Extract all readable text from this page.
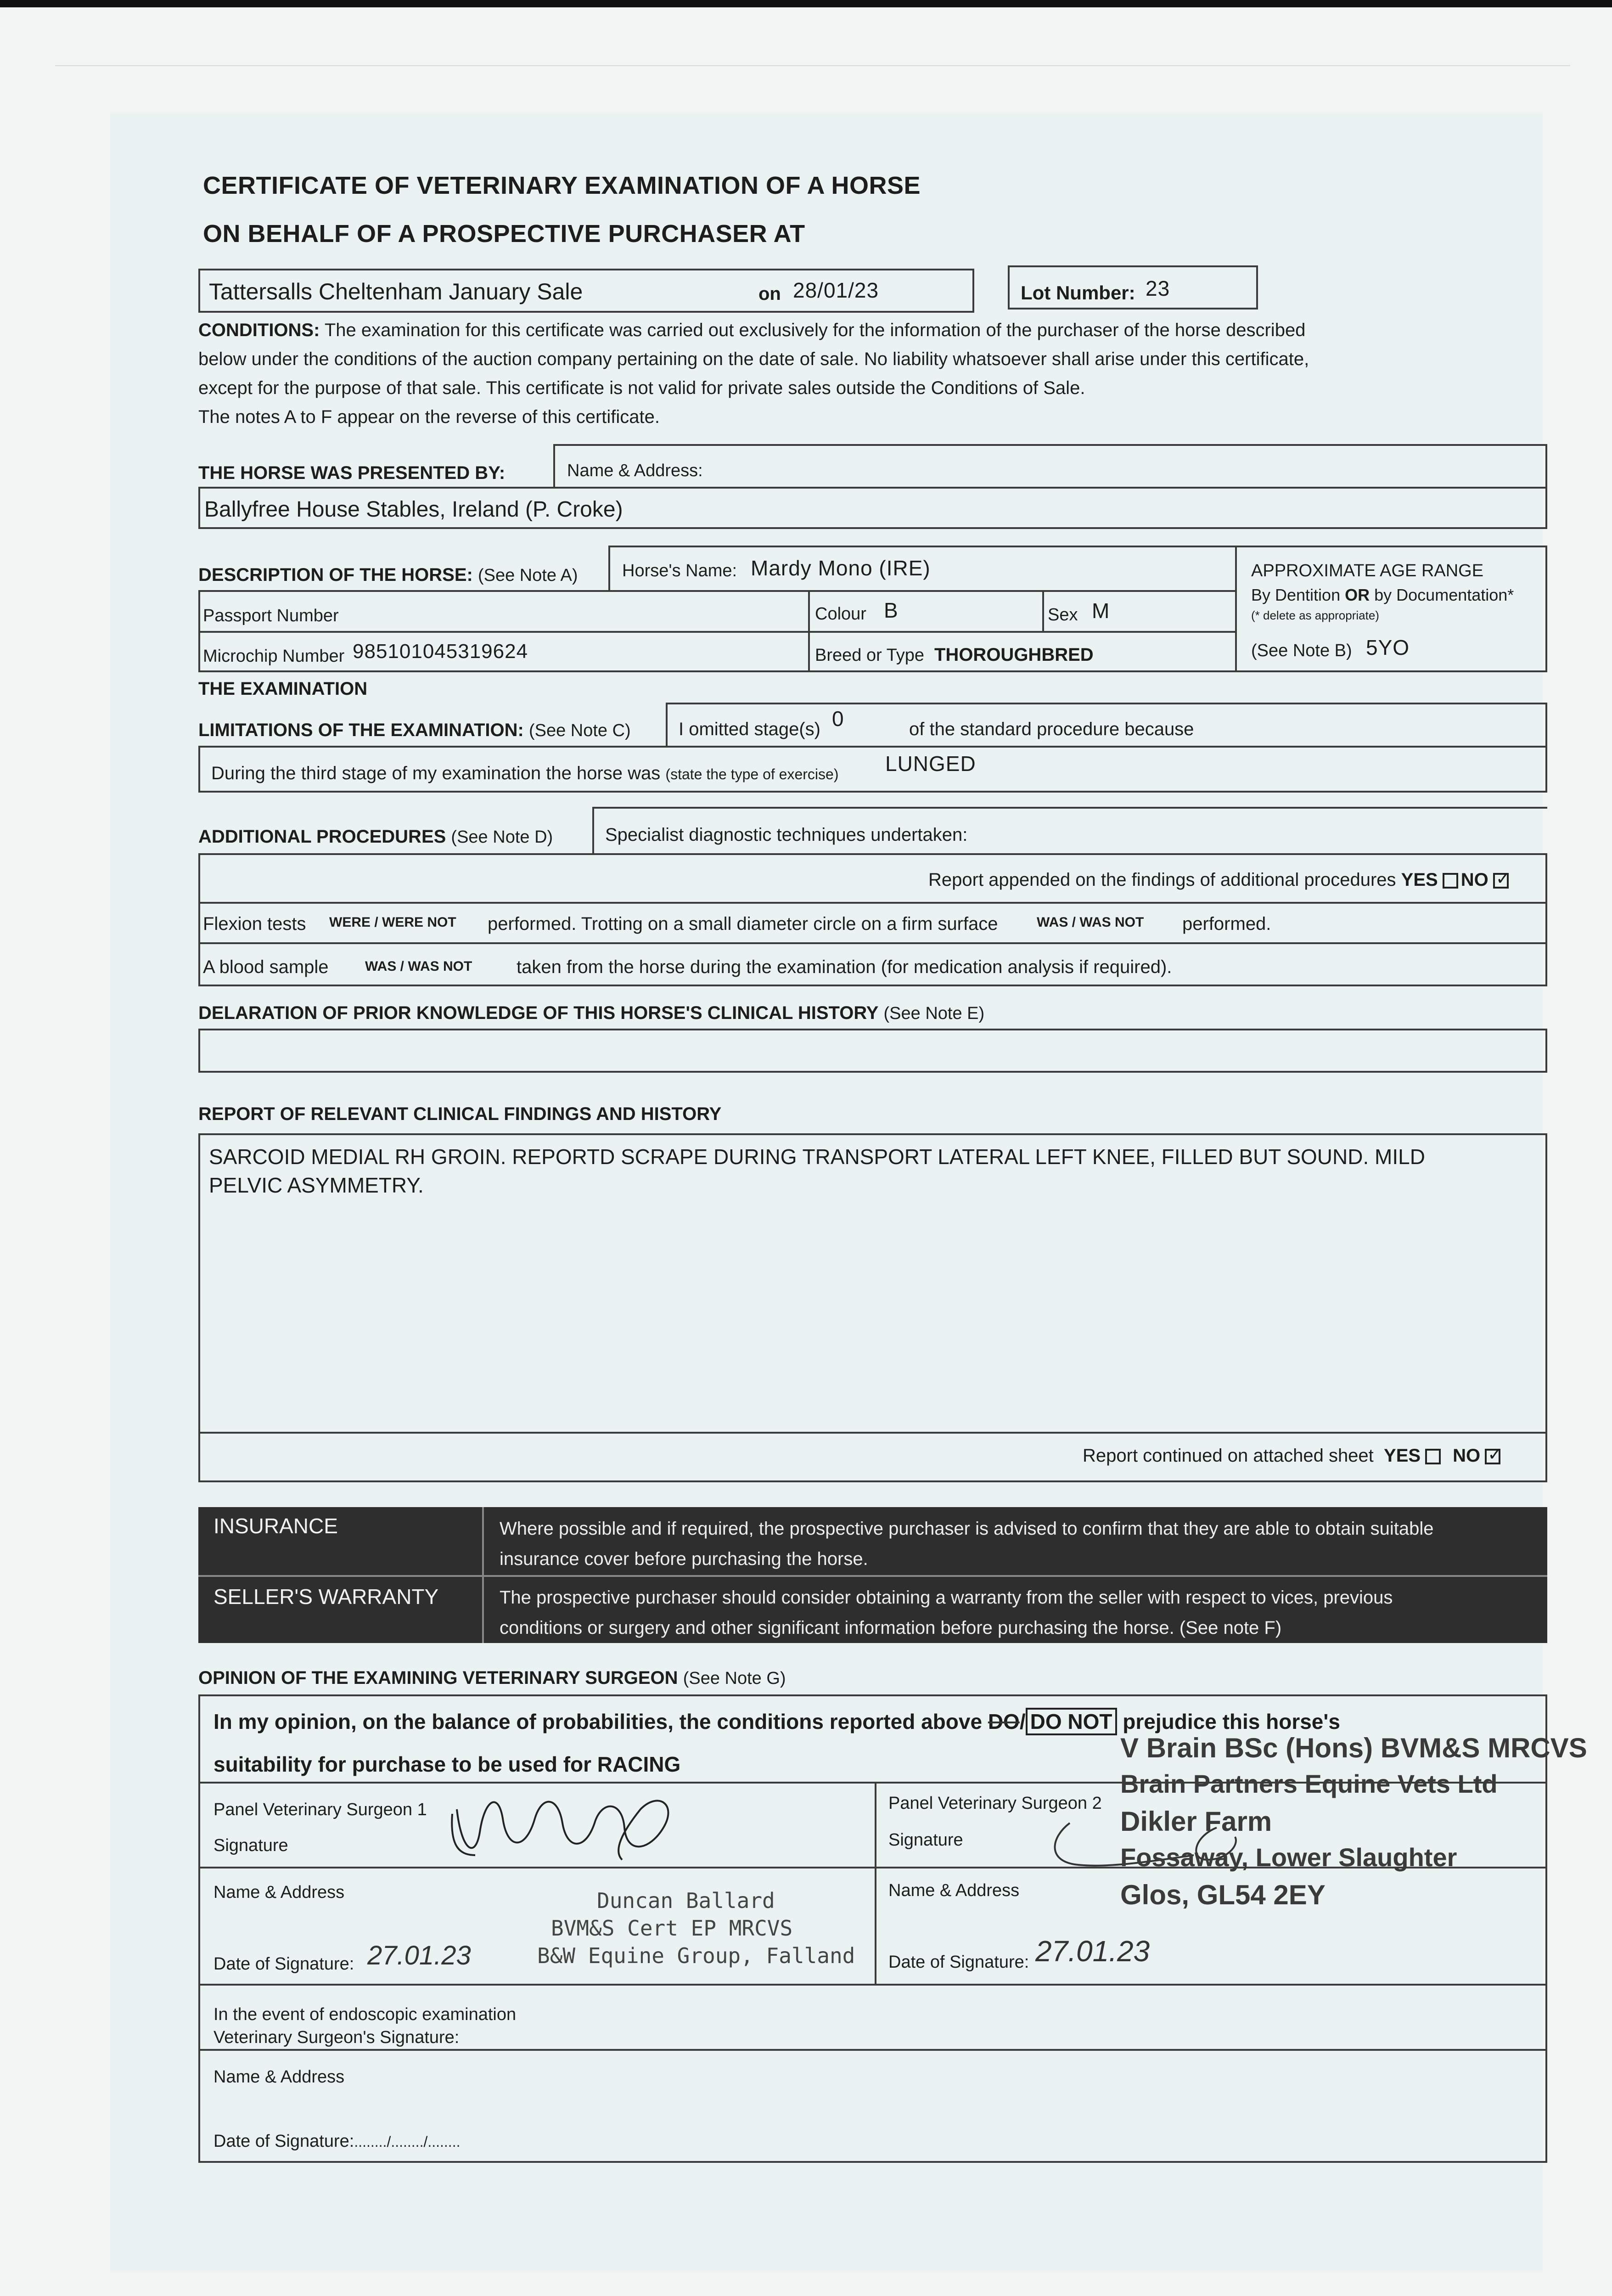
CERTIFICATE OF VETERINARY EXAMINATION OF A HORSE
ON BEHALF OF A PROSPECTIVE PURCHASER AT
Tattersalls Cheltenham January Sale	on 28/01/23	Lot Number: 23
CONDITIONS: The examination for this certificate was carried out exclusively for the information of the purchaser of the horse described
below under the conditions of the auction company pertaining on the date of sale. No liability whatsoever shall arise under this certificate,
except for the purpose of that sale. This certificate is not valid for private sales outside the Conditions of Sale.
The notes A to F appear on the reverse of this certificate.
THE HORSE WAS PRESENTED BY:	Name & Address:
Ballyfree House Stables, Ireland (P. Croke)
DESCRIPTION OF THE HORSE: (See Note A)	Horse's Name: Mardy Mono (IRE)	APPROXIMATE AGE RANGE
By Dentition OR by Documentation*
(* delete as appropriate)
(See Note B) 5YO
Passport Number	Colour B	Sex M
Microchip Number 985101045319624	Breed or Type THOROUGHBRED
THE EXAMINATION
LIMITATIONS OF THE EXAMINATION: (See Note C)	I omitted stage(s) 0	of the standard procedure because
During the third stage of my examination the horse was (state the type of exercise) LUNGED
ADDITIONAL PROCEDURES (See Note D)	Specialist diagnostic techniques undertaken:
Report appended on the findings of additional procedures YES NO✓
Flexion tests WERE / WERE NOT performed. Trotting on a small diameter circle on a firm surface	WAS / WAS NOT performed.
A blood sample	WAS / WAS NOT taken from the horse during the examination (for medication analysis if required).
DELARATION OF PRIOR KNOWLEDGE OF THIS HORSE'S CLINICAL HISTORY (See Note E)
REPORT OF RELEVANT CLINICAL FINDINGS AND HISTORY
SARCOID MEDIAL RH GROIN. REPORTD SCRAPE DURING TRANSPORT LATERAL LEFT KNEE, FILLED BUT SOUND. MILD
PELVIC ASYMMETRY.
Report continued on attached sheet YES NO✓
INSURANCE	Where possible and if required, the prospective purchaser is advised to confirm that they are able to obtain suitable
insurance cover before purchasing the horse.
SELLER'S WARRANTY	The prospective purchaser should consider obtaining a warranty from the seller with respect to vices, previous
conditions or surgery and other significant information before purchasing the horse. (See note F)
OPINION OF THE EXAMINING VETERINARY SURGEON (See Note G)
In my opinion, on the balance of probabilities, the conditions reported above DO/ DO NOT prejudice this horse's
suitability for purchase to be used for RACING
Panel Veterinary Surgeon 1
Signature
Name & Address	Duncan Ballard
BVM&S Cert EP MRCVS
B&W Equine Group, Falland
Date of Signature: 27.01.23
Panel Veterinary Surgeon 2
Signature
V Brain BSc (Hons) BVM&S MRCVS
Brain Partners Equine Vets Ltd
Dikler Farm
Fossaway, Lower Slaughter
Glos, GL54 2EY
Name & Address
Date of Signature: 27.01.23
In the event of endoscopic examination
Veterinary Surgeon's Signature:
Name & Address
Date of Signature:......../......../........
